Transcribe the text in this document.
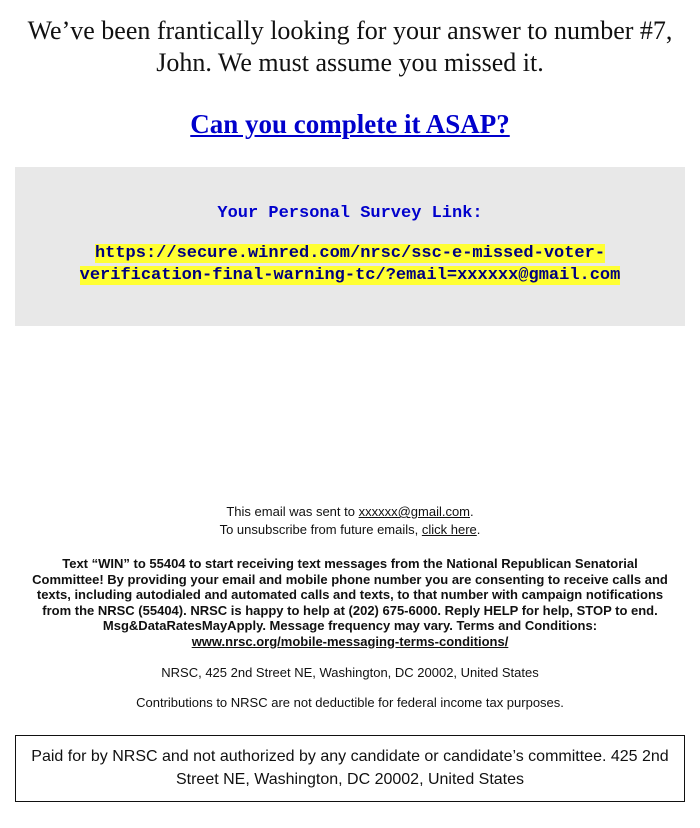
We’ve been frantically looking for your answer to number #7, John. We must assume you missed it.
Can you complete it ASAP?
Your Personal Survey Link:
https://secure.winred.com/nrsc/ssc-e-missed-voter-
verification-final-warning-tc/?email=xxxxxx@gmail.com
This email was sent to xxxxxx@gmail.com.
To unsubscribe from future emails, click here.
Text “WIN” to 55404 to start receiving text messages from the National Republican Senatorial Committee! By providing your email and mobile phone number you are consenting to receive calls and texts, including autodialed and automated calls and texts, to that number with campaign notifications from the NRSC (55404). NRSC is happy to help at (202) 675-6000. Reply HELP for help, STOP to end. Msg&DataRatesMayApply. Message frequency may vary. Terms and Conditions:
www.nrsc.org/mobile-messaging-terms-conditions/
NRSC, 425 2nd Street NE, Washington, DC 20002, United States
Contributions to NRSC are not deductible for federal income tax purposes.
Paid for by NRSC and not authorized by any candidate or candidate’s committee. 425 2nd Street NE, Washington, DC 20002, United States
